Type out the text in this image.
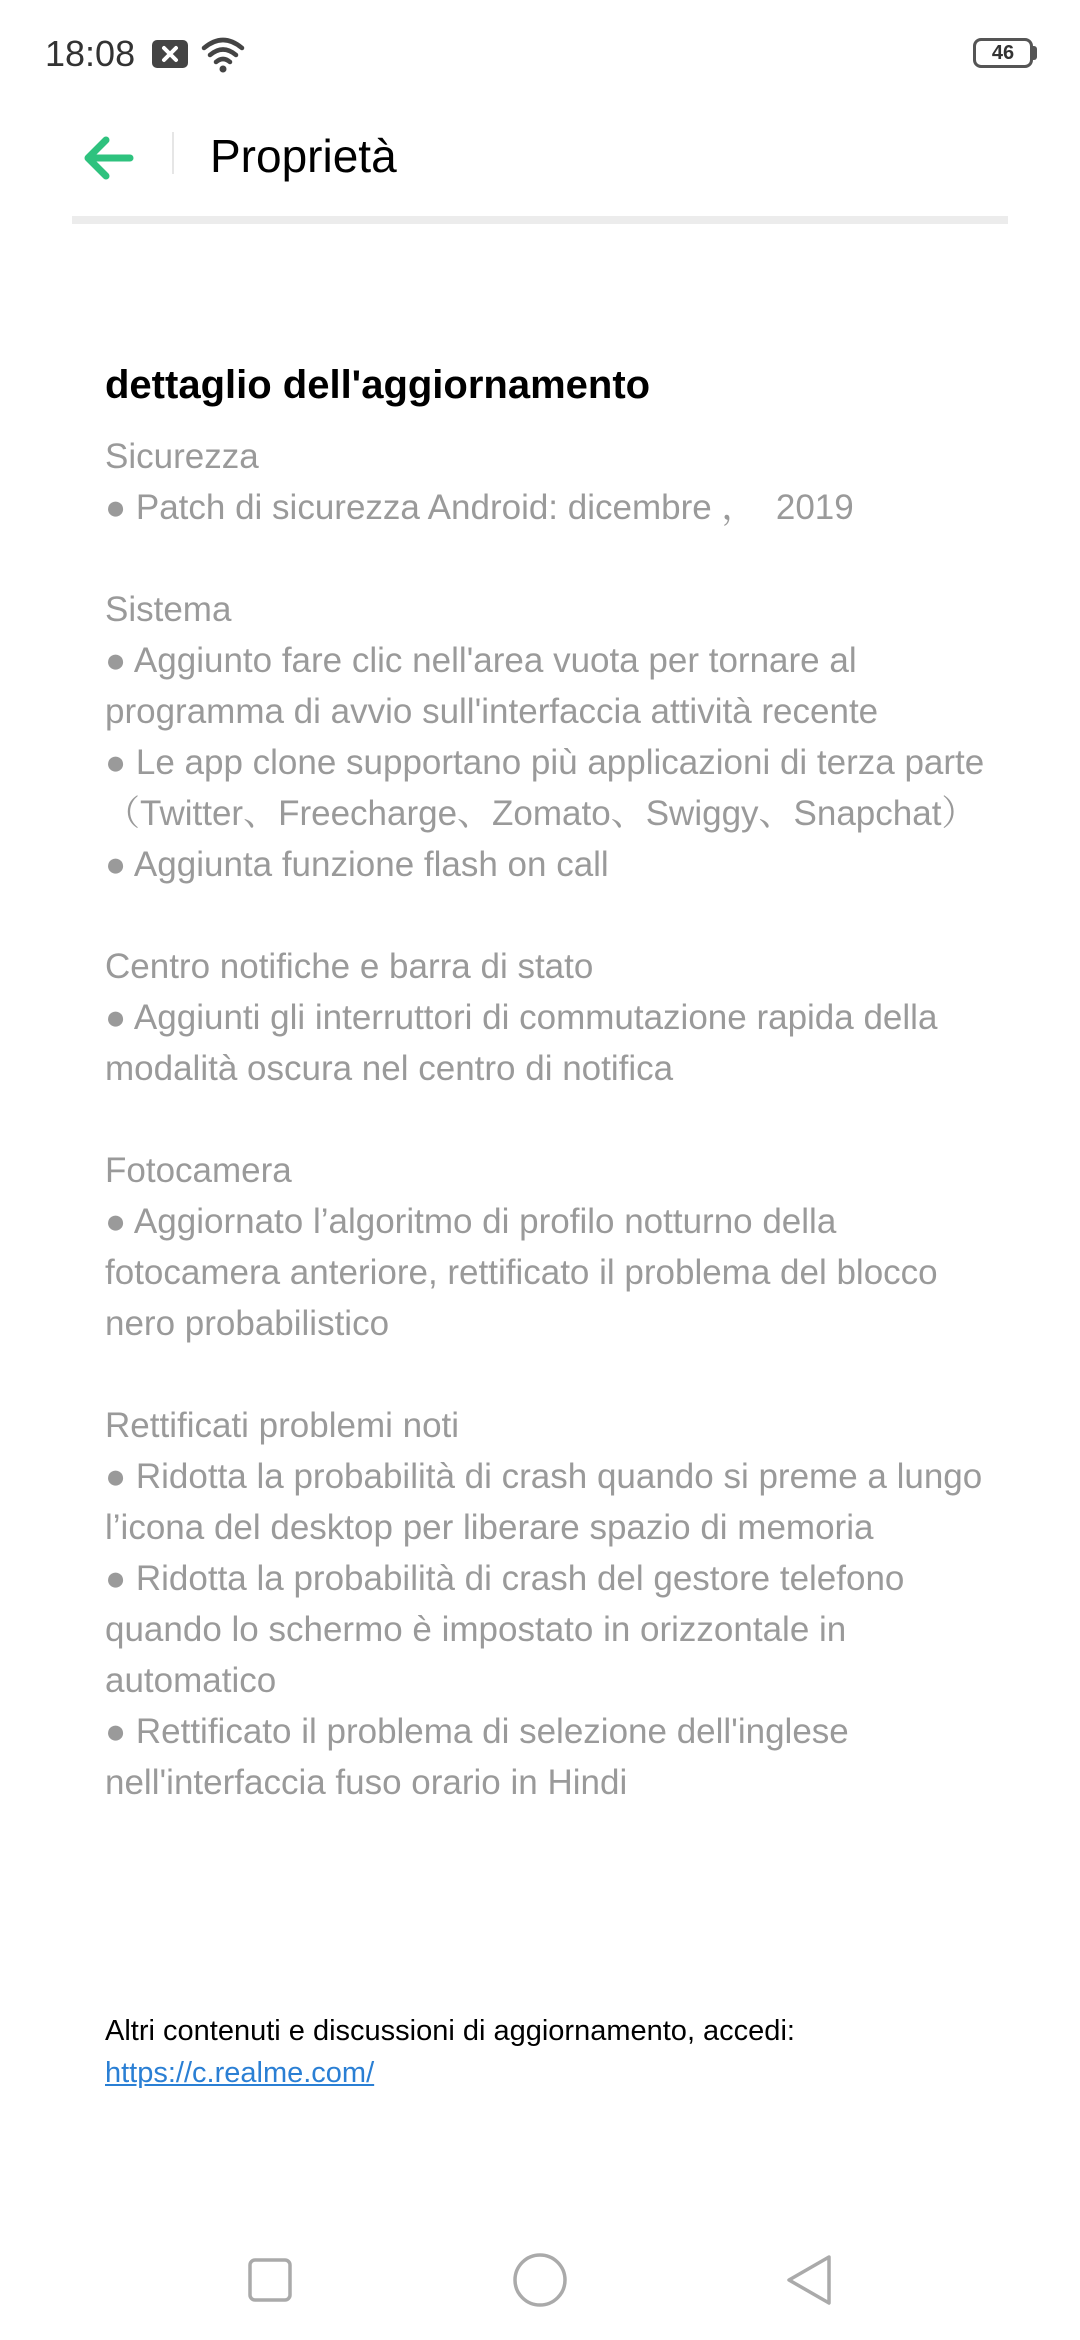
18:08	46
Proprietà
dettaglio dell'aggiornamento
Sicurezza
● Patch di sicurezza Android: dicembre ，  2019
Sistema
● Aggiunto fare clic nell'area vuota per tornare al programma di avvio sull'interfaccia attività recente
● Le app clone supportano più applicazioni di terza parte （Twitter、Freecharge、Zomato、Swiggy、Snapchat）
● Aggiunta funzione flash on call
Centro notifiche e barra di stato
● Aggiunti gli interruttori di commutazione rapida della modalità oscura nel centro di notifica
Fotocamera
● Aggiornato l’algoritmo di profilo notturno della fotocamera anteriore, rettificato il problema del blocco nero probabilistico
Rettificati problemi noti
● Ridotta la probabilità di crash quando si preme a lungo l’icona del desktop per liberare spazio di memoria
● Ridotta la probabilità di crash del gestore telefono quando lo schermo è impostato in orizzontale in automatico
● Rettificato il problema di selezione dell'inglese nell'interfaccia fuso orario in Hindi
Altri contenuti e discussioni di aggiornamento, accedi:
https://c.realme.com/
